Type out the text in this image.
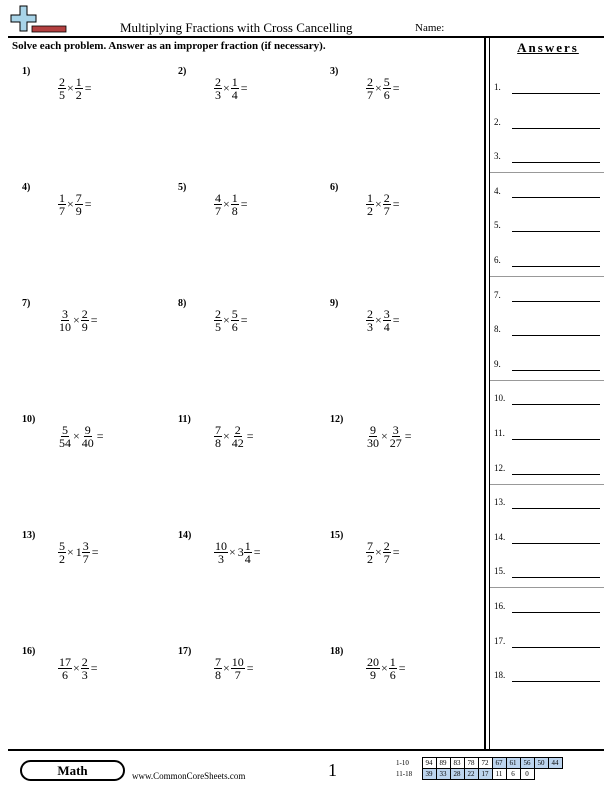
Multiplying Fractions with Cross Cancelling	Name:
Solve each problem. Answer as an improper fraction (if necessary).	Answers
1.
2.
3.
4.
5.
6.
7.
8.
9.
10.
11.
12.
13.
14.
15.
16.
17.
18.
1)
$\frac{2}{5} \times \frac{1}{2}$ =
2)
$\frac{2}{3} \times \frac{1}{4}$ =
3)
$\frac{2}{7} \times \frac{5}{6}$ =
4)
$\frac{1}{7} \times \frac{7}{9}$ =
5)
$\frac{4}{7} \times \frac{1}{8}$ =
6)
$\frac{1}{2} \times \frac{2}{7}$ =
7)
$\frac{3}{10} \times \frac{2}{9}$ =
8)
$\frac{2}{5} \times \frac{5}{6}$ =
9)
$\frac{2}{3} \times \frac{3}{4}$ =
10)
$\frac{5}{54} \times \frac{9}{40}$ =
11)
$\frac{7}{8} \times \frac{2}{42}$ =
12)
$\frac{9}{30} \times \frac{3}{27}$ =
13)
$\frac{5}{2} \times 1 \frac{3}{7}$ =
14)
$\frac{10}{3} \times 3 \frac{1}{4}$ =
15)
$\frac{7}{2} \times \frac{2}{7}$ =
16)
$\frac{17}{6} \times \frac{2}{3}$ =
17)
$\frac{7}{8} \times \frac{10}{7}$ =
18)
$\frac{20}{9} \times \frac{1}{6}$ =
Math	www.CommonCoreSheets.com	1	1-10	94	89	83	78	72	67	61	56	50	44
11-18	39	33	28	22	17	11	6	0		
